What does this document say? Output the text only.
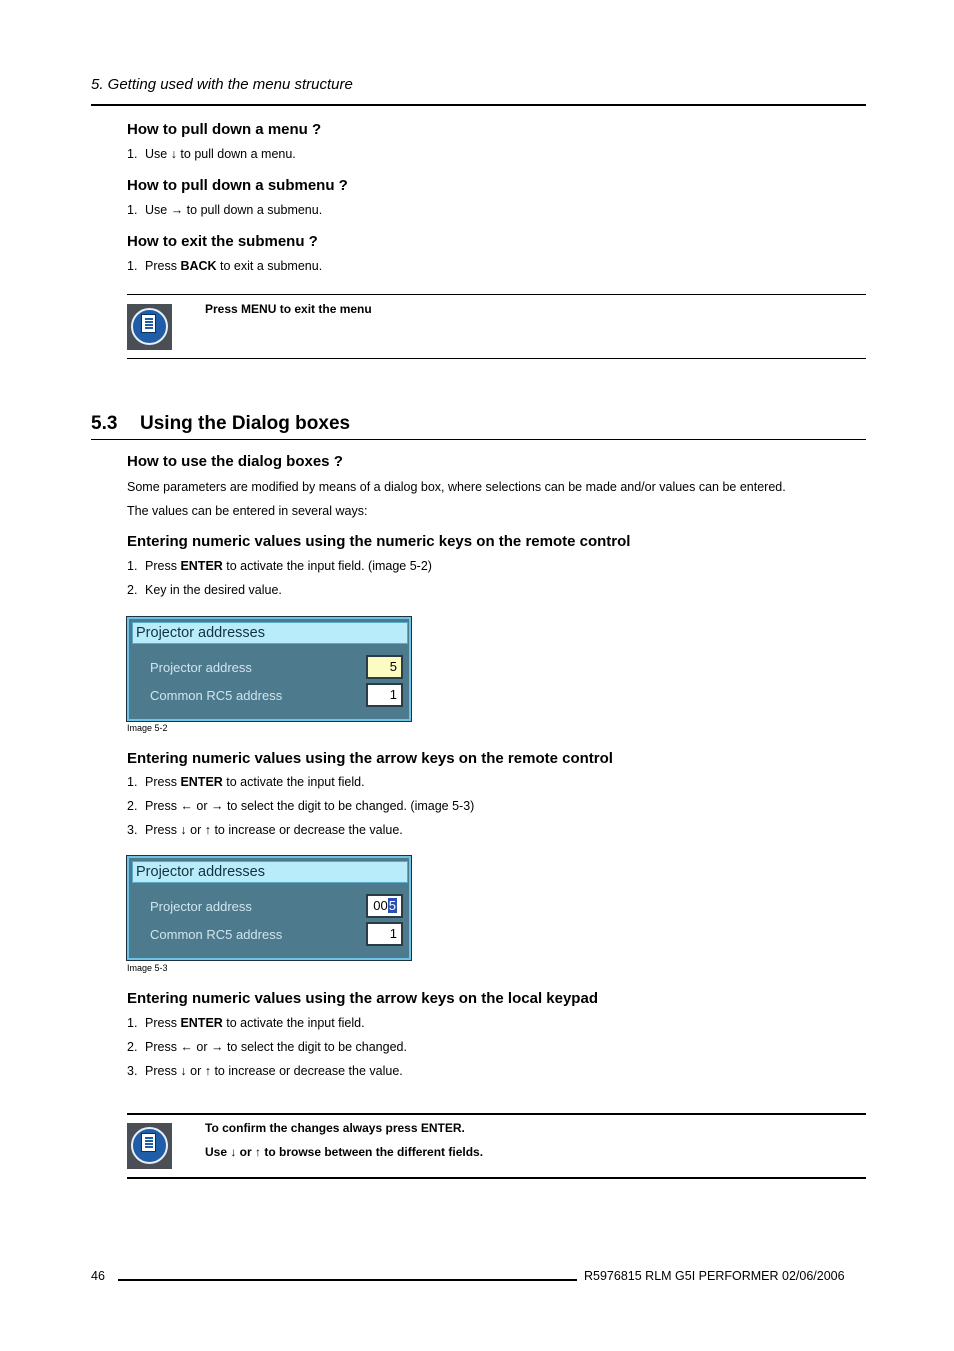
5. Getting used with the menu structure
How to pull down a menu ?
1. Use ↓ to pull down a menu.
How to pull down a submenu ?
1. Use → to pull down a submenu.
How to exit the submenu ?
1. Press BACK to exit a submenu.
Press MENU to exit the menu
5.3 Using the Dialog boxes
How to use the dialog boxes ?
Some parameters are modified by means of a dialog box, where selections can be made and/or values can be entered.
The values can be entered in several ways:
Entering numeric values using the numeric keys on the remote control
1. Press ENTER to activate the input field. (image 5-2)
2. Key in the desired value.
Projector addresses
Projector address	5
Common RC5 address	1
Image 5-2
Entering numeric values using the arrow keys on the remote control
1. Press ENTER to activate the input field.
2. Press ← or → to select the digit to be changed. (image 5-3)
3. Press ↓ or ↑ to increase or decrease the value.
Projector addresses
Projector address	005
Common RC5 address	1
Image 5-3
Entering numeric values using the arrow keys on the local keypad
1. Press ENTER to activate the input field.
2. Press ← or → to select the digit to be changed.
3. Press ↓ or ↑ to increase or decrease the value.
To confirm the changes always press ENTER.
Use ↓ or ↑ to browse between the different fields.
46	R5976815 RLM G5I PERFORMER 02/06/2006
